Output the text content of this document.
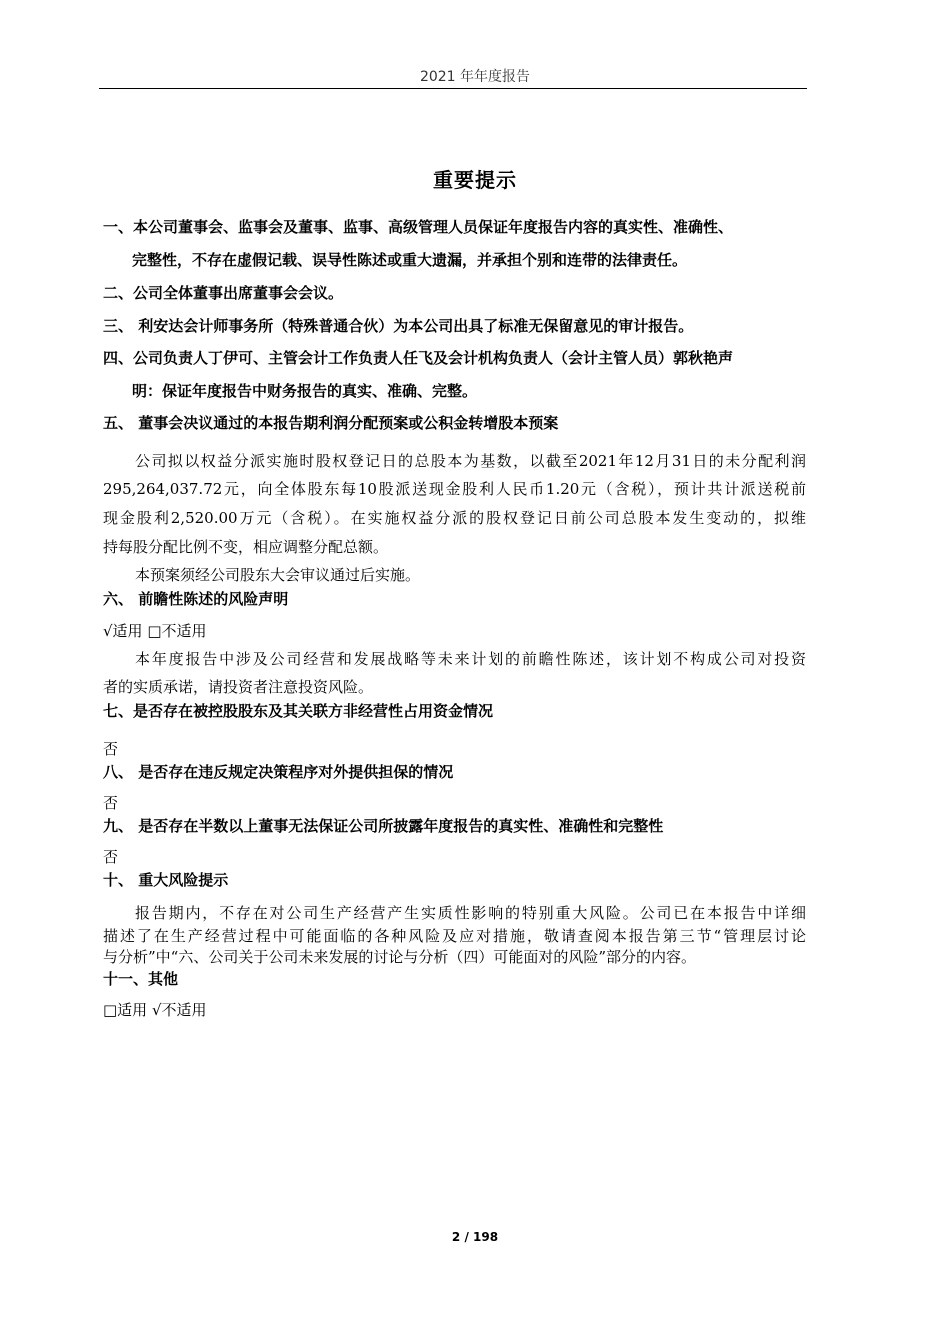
2021 年年度报告
重要提示
一、本公司董事会、监事会及董事、监事、高级管理人员保证年度报告内容的真实性、准确性、
完整性，不存在虚假记载、误导性陈述或重大遗漏，并承担个别和连带的法律责任。
二、公司全体董事出席董事会会议。
三、 利安达会计师事务所（特殊普通合伙）为本公司出具了标准无保留意见的审计报告。
四、公司负责人丁伊可、主管会计工作负责人任飞及会计机构负责人（会计主管人员）郭秋艳声
明：保证年度报告中财务报告的真实、准确、完整。
五、 董事会决议通过的本报告期利润分配预案或公积金转增股本预案
公司拟以权益分派实施时股权登记日的总股本为基数，以截至2021年12月31日的未分配利润
295,264,037.72元，向全体股东每10股派送现金股利人民币1.20元（含税），预计共计派送税前
现金股利2,520.00万元（含税）。在实施权益分派的股权登记日前公司总股本发生变动的，拟维
持每股分配比例不变，相应调整分配总额。
本预案须经公司股东大会审议通过后实施。
六、 前瞻性陈述的风险声明
√适用 □不适用
本年度报告中涉及公司经营和发展战略等未来计划的前瞻性陈述，该计划不构成公司对投资
者的实质承诺，请投资者注意投资风险。
七、是否存在被控股股东及其关联方非经营性占用资金情况
否
八、 是否存在违反规定决策程序对外提供担保的情况
否
九、 是否存在半数以上董事无法保证公司所披露年度报告的真实性、准确性和完整性
否
十、 重大风险提示
报告期内，不存在对公司生产经营产生实质性影响的特别重大风险。公司已在本报告中详细
描述了在生产经营过程中可能面临的各种风险及应对措施，敬请查阅本报告第三节“管理层讨论
与分析”中“六、公司关于公司未来发展的讨论与分析（四）可能面对的风险”部分的内容。
十一、其他
□适用 √不适用
2 / 198
